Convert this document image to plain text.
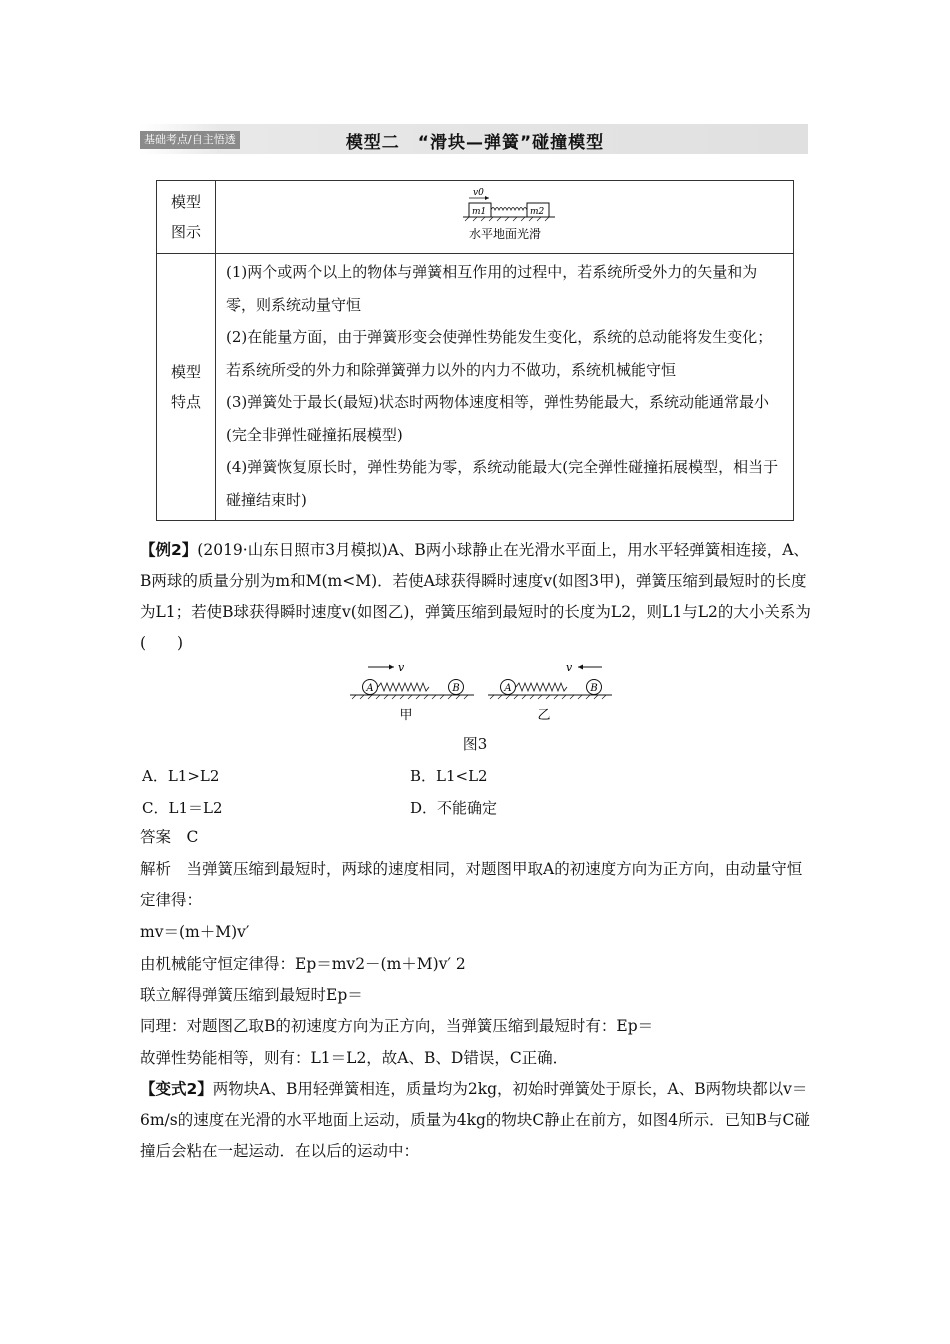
基础考点/自主悟透	模型二　“滑块—弹簧”碰撞模型
模型图示	v0
m1 m2
水平地面光滑

模型特点	(1)两个或两个以上的物体与弹簧相互作用的过程中，若系统所受外力的矢量和为零，则系统动量守恒
(2)在能量方面，由于弹簧形变会使弹性势能发生变化，系统的总动能将发生变化；若系统所受的外力和除弹簧弹力以外的内力不做功，系统机械能守恒
(3)弹簧处于最长(最短)状态时两物体速度相等，弹性势能最大，系统动能通常最小(完全非弹性碰撞拓展模型)
(4)弹簧恢复原长时，弹性势能为零，系统动能最大(完全弹性碰撞拓展模型，相当于碰撞结束时)
【例2】(2019·山东日照市3月模拟)A、B两小球静止在光滑水平面上，用水平轻弹簧相连接，A、B两球的质量分别为m和M(m<M)．若使A球获得瞬时速度v(如图3甲)，弹簧压缩到最短时的长度为L1；若使B球获得瞬时速度v(如图乙)，弹簧压缩到最短时的长度为L2，则L1与L2的大小关系为(　　)
v
A	B
甲
v
A	B
乙
图3
A．L1>L2	B．L1<L2
C．L1＝L2	D．不能确定
答案　C
解析　当弹簧压缩到最短时，两球的速度相同，对题图甲取A的初速度方向为正方向，由动量守恒定律得：
mv＝(m＋M)v′
由机械能守恒定律得：Ep＝mv2－(m＋M)v′ 2
联立解得弹簧压缩到最短时Ep＝
同理：对题图乙取B的初速度方向为正方向，当弹簧压缩到最短时有：Ep＝
故弹性势能相等，则有：L1＝L2，故A、B、D错误，C正确．
【变式2】两物块A、B用轻弹簧相连，质量均为2kg，初始时弹簧处于原长，A、B两物块都以v＝6m/s的速度在光滑的水平地面上运动，质量为4kg的物块C静止在前方，如图4所示．已知B与C碰撞后会粘在一起运动．在以后的运动中：
